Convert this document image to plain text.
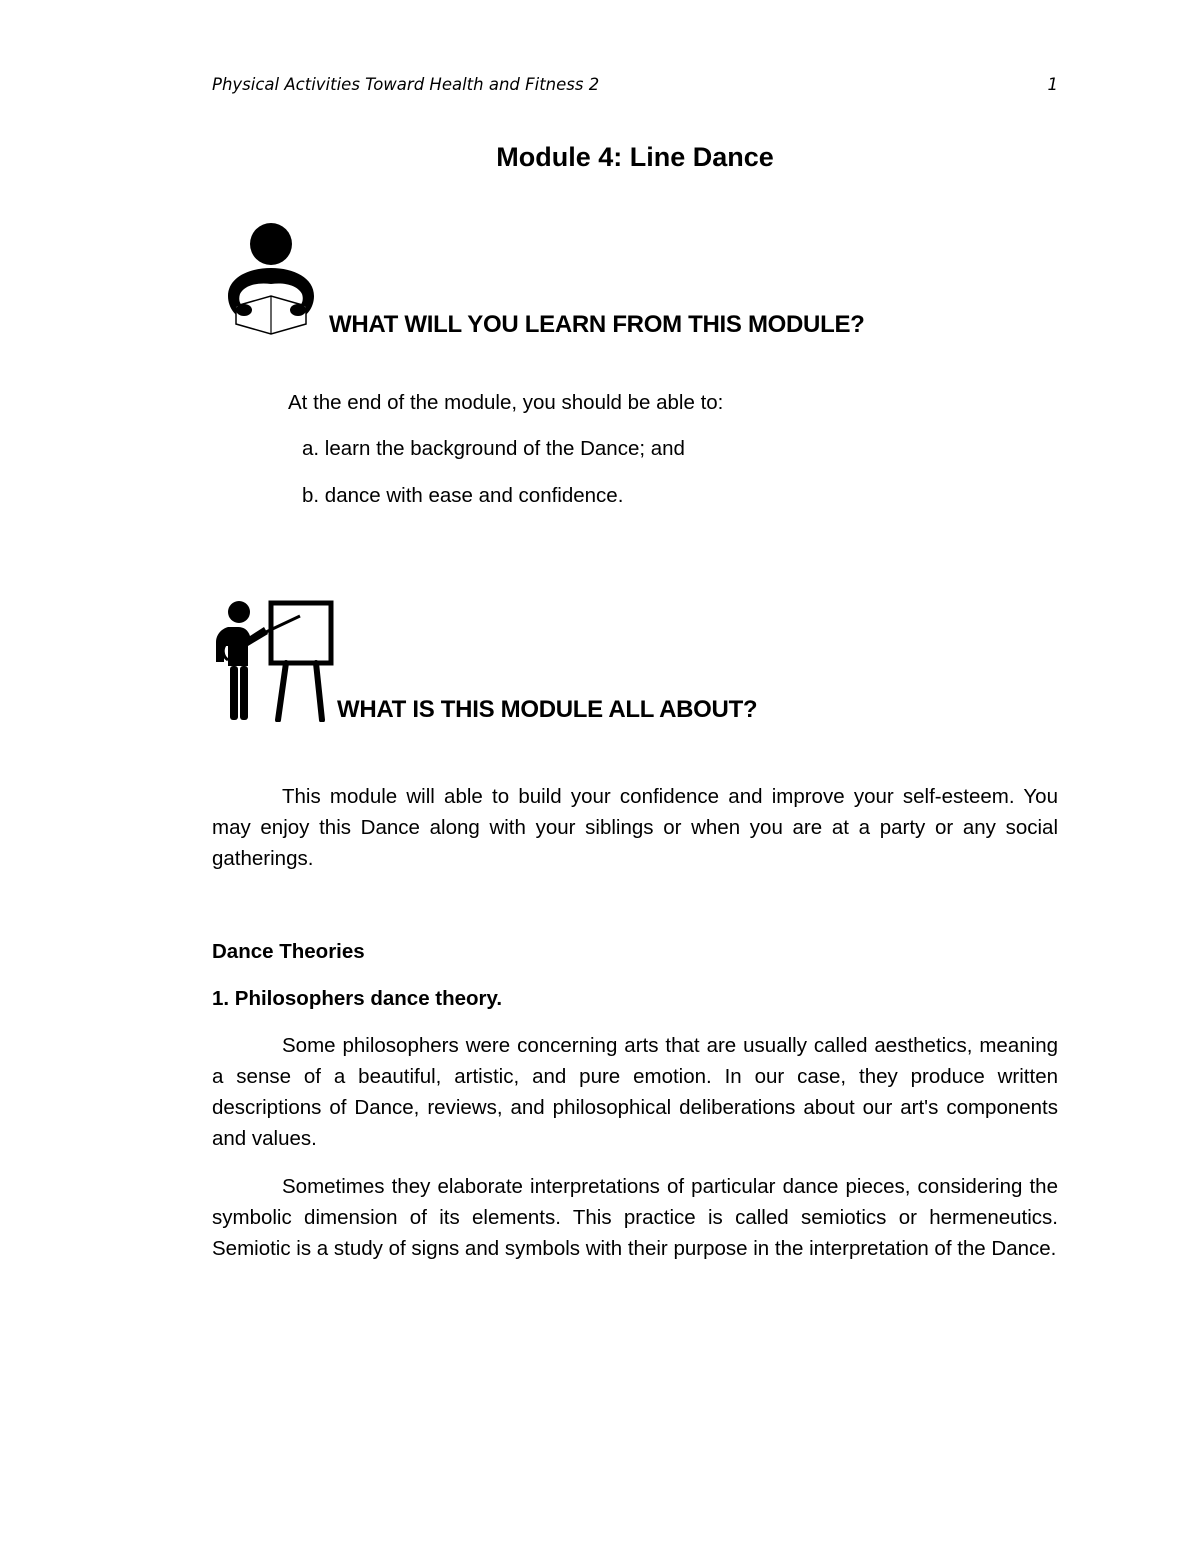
Physical Activities Toward Health and Fitness 2	1
Module 4: Line Dance
WHAT WILL YOU LEARN FROM THIS MODULE?
At the end of the module, you should be able to:
a. learn the background of the Dance; and
b. dance with ease and confidence.
WHAT IS THIS MODULE ALL ABOUT?

This module will able to build your confidence and improve your self-esteem. You may enjoy this Dance along with your siblings or when you are at a party or any social gatherings.

Dance Theories
1. Philosophers dance theory.

Some philosophers were concerning arts that are usually called aesthetics, meaning a sense of a beautiful, artistic, and pure emotion. In our case, they produce written descriptions of Dance, reviews, and philosophical deliberations about our art's components and values.

Sometimes they elaborate interpretations of particular dance pieces, considering the symbolic dimension of its elements. This practice is called semiotics or hermeneutics. Semiotic is a study of signs and symbols with their purpose in the interpretation of the Dance.
